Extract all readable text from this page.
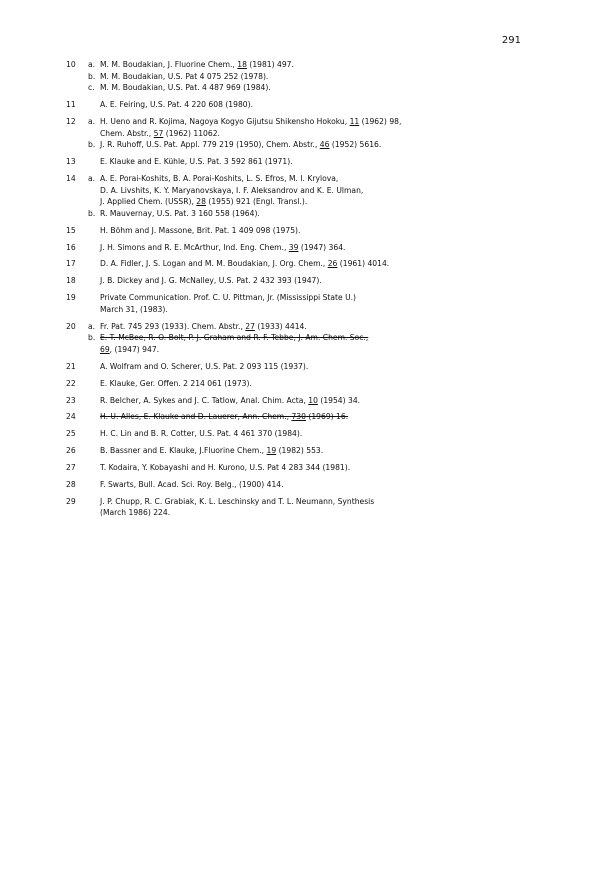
291
10	a. M. M. Boudakian, J. Fluorine Chem., 18 (1981) 497.
b. M. M. Boudakian, U.S. Pat 4 075 252 (1978).
c. M. M. Boudakian, U.S. Pat. 4 487 969 (1984).
11	A. E. Feiring, U.S. Pat. 4 220 608 (1980).
12	a. H. Ueno and R. Kojima, Nagoya Kogyo Gijutsu Shikensho Hokoku, 11 (1962) 98,
Chem. Abstr., 57 (1962) 11062.
b. J. R. Ruhoff, U.S. Pat. Appl. 779 219 (1950), Chem. Abstr., 46 (1952) 5616.
13	E. Klauke and E. Kühle, U.S. Pat. 3 592 861 (1971).
14	a. A. E. Porai-Koshits, B. A. Porai-Koshits, L. S. Efros, M. I. Krylova,
D. A. Livshits, K. Y. Maryanovskaya, I. F. Aleksandrov and K. E. Ulman,
J. Applied Chem. (USSR), 28 (1955) 921 (Engl. Transl.).
b. R. Mauvernay, U.S. Pat. 3 160 558 (1964).
15	H. Böhm and J. Massone, Brit. Pat. 1 409 098 (1975).
16	J. H. Simons and R. E. McArthur, Ind. Eng. Chem., 39 (1947) 364.
17	D. A. Fidler, J. S. Logan and M. M. Boudakian, J. Org. Chem., 26 (1961) 4014.
18	J. B. Dickey and J. G. McNalley, U.S. Pat. 2 432 393 (1947).
19	Private Communication. Prof. C. U. Pittman, Jr. (Mississippi State U.)
March 31, (1983).
20	a. Fr. Pat. 745 293 (1933). Chem. Abstr., 27 (1933) 4414.
b. E. T. McBee, R. O. Bolt, P. J. Graham and R. F. Tebbe, J. Am. Chem. Soc.,
69, (1947) 947.
21	A. Wolfram and O. Scherer, U.S. Pat. 2 093 115 (1937).
22	E. Klauke, Ger. Offen. 2 214 061 (1973).
23	R. Belcher, A. Sykes and J. C. Tatlow, Anal. Chim. Acta, 10 (1954) 34.
24	H. U. Alles, E. Klauke and D. Lauerer, Ann. Chem., 730 (1969) 16.
25	H. C. Lin and B. R. Cotter, U.S. Pat. 4 461 370 (1984).
26	B. Bassner and E. Klauke, J.Fluorine Chem., 19 (1982) 553.
27	T. Kodaira, Y. Kobayashi and H. Kurono, U.S. Pat 4 283 344 (1981).
28	F. Swarts, Bull. Acad. Sci. Roy. Belg., (1900) 414.
29	J. P. Chupp, R. C. Grabiak, K. L. Leschinsky and T. L. Neumann, Synthesis
(March 1986) 224.
